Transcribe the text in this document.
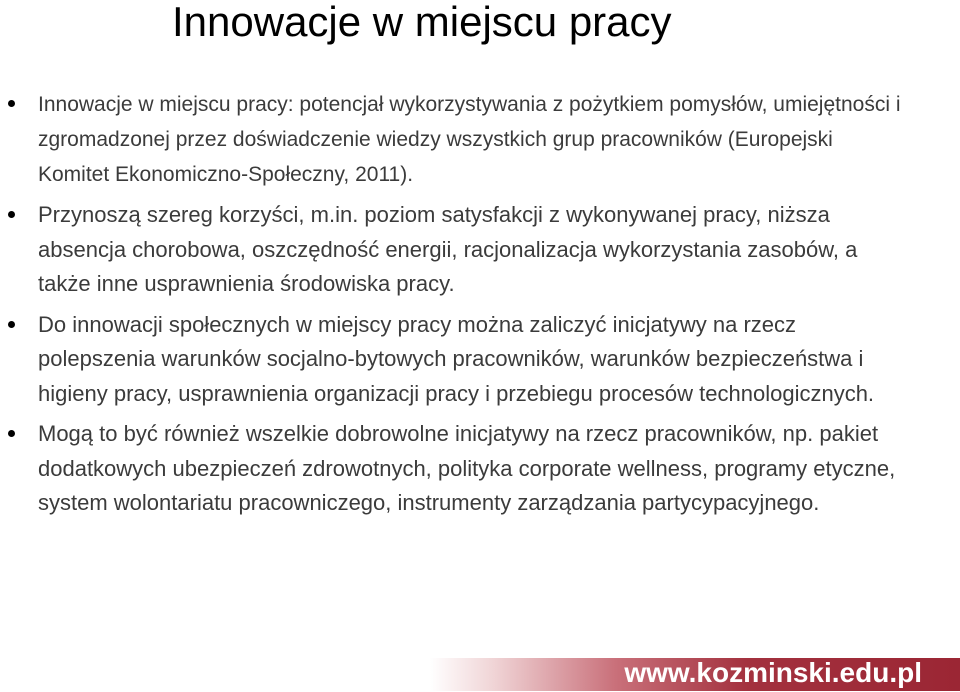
Innowacje w miejscu pracy
Innowacje w miejscu pracy: potencjał wykorzystywania z pożytkiem pomysłów, umiejętności i zgromadzonej przez doświadczenie wiedzy wszystkich grup pracowników (Europejski Komitet Ekonomiczno-Społeczny, 2011).
Przynoszą szereg korzyści, m.in. poziom satysfakcji z wykonywanej pracy, niższa absencja chorobowa, oszczędność energii, racjonalizacja wykorzystania zasobów, a także inne usprawnienia środowiska pracy.
Do innowacji społecznych w miejscy pracy można zaliczyć inicjatywy na rzecz polepszenia warunków socjalno-bytowych pracowników, warunków bezpieczeństwa i higieny pracy, usprawnienia organizacji pracy i przebiegu procesów technologicznych.
Mogą to być również wszelkie dobrowolne inicjatywy na rzecz pracowników, np. pakiet dodatkowych ubezpieczeń zdrowotnych, polityka corporate wellness, programy etyczne, system wolontariatu pracowniczego, instrumenty zarządzania partycypacyjnego.
www.kozminski.edu.pl
